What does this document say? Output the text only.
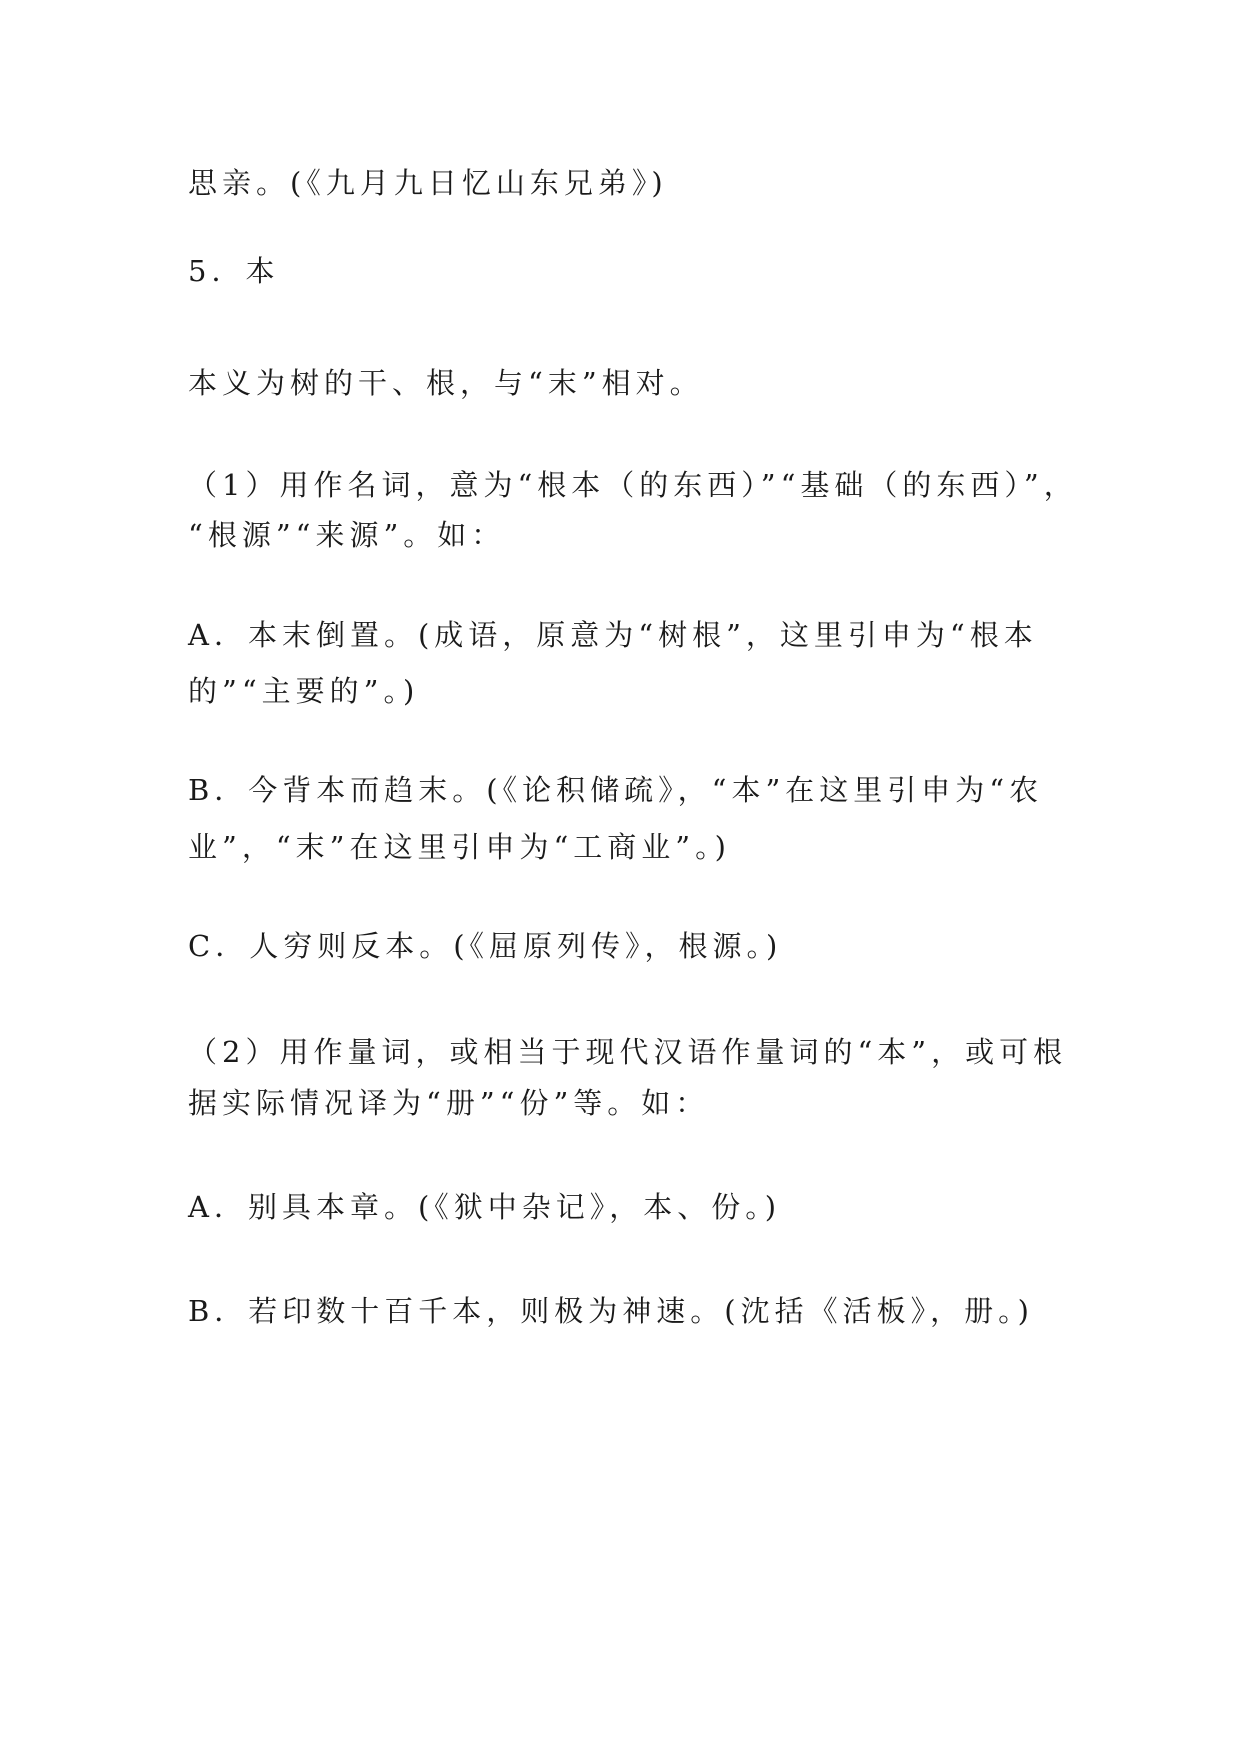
思亲。(《九月九日忆山东兄弟》)
5．本
本义为树的干、根，与“末”相对。
（1）用作名词，意为“根本（的东西）”“基础（的东西）”，
“根源”“来源”。如：
A．本末倒置。(成语，原意为“树根”，这里引申为“根本
的”“主要的”。)
B．今背本而趋末。(《论积储疏》，“本”在这里引申为“农
业”，“末”在这里引申为“工商业”。)
C．人穷则反本。(《屈原列传》，根源。)
（2）用作量词，或相当于现代汉语作量词的“本”，或可根
据实际情况译为“册”“份”等。如：
A．别具本章。(《狱中杂记》，本、份。)
B．若印数十百千本，则极为神速。(沈括《活板》，册。)
